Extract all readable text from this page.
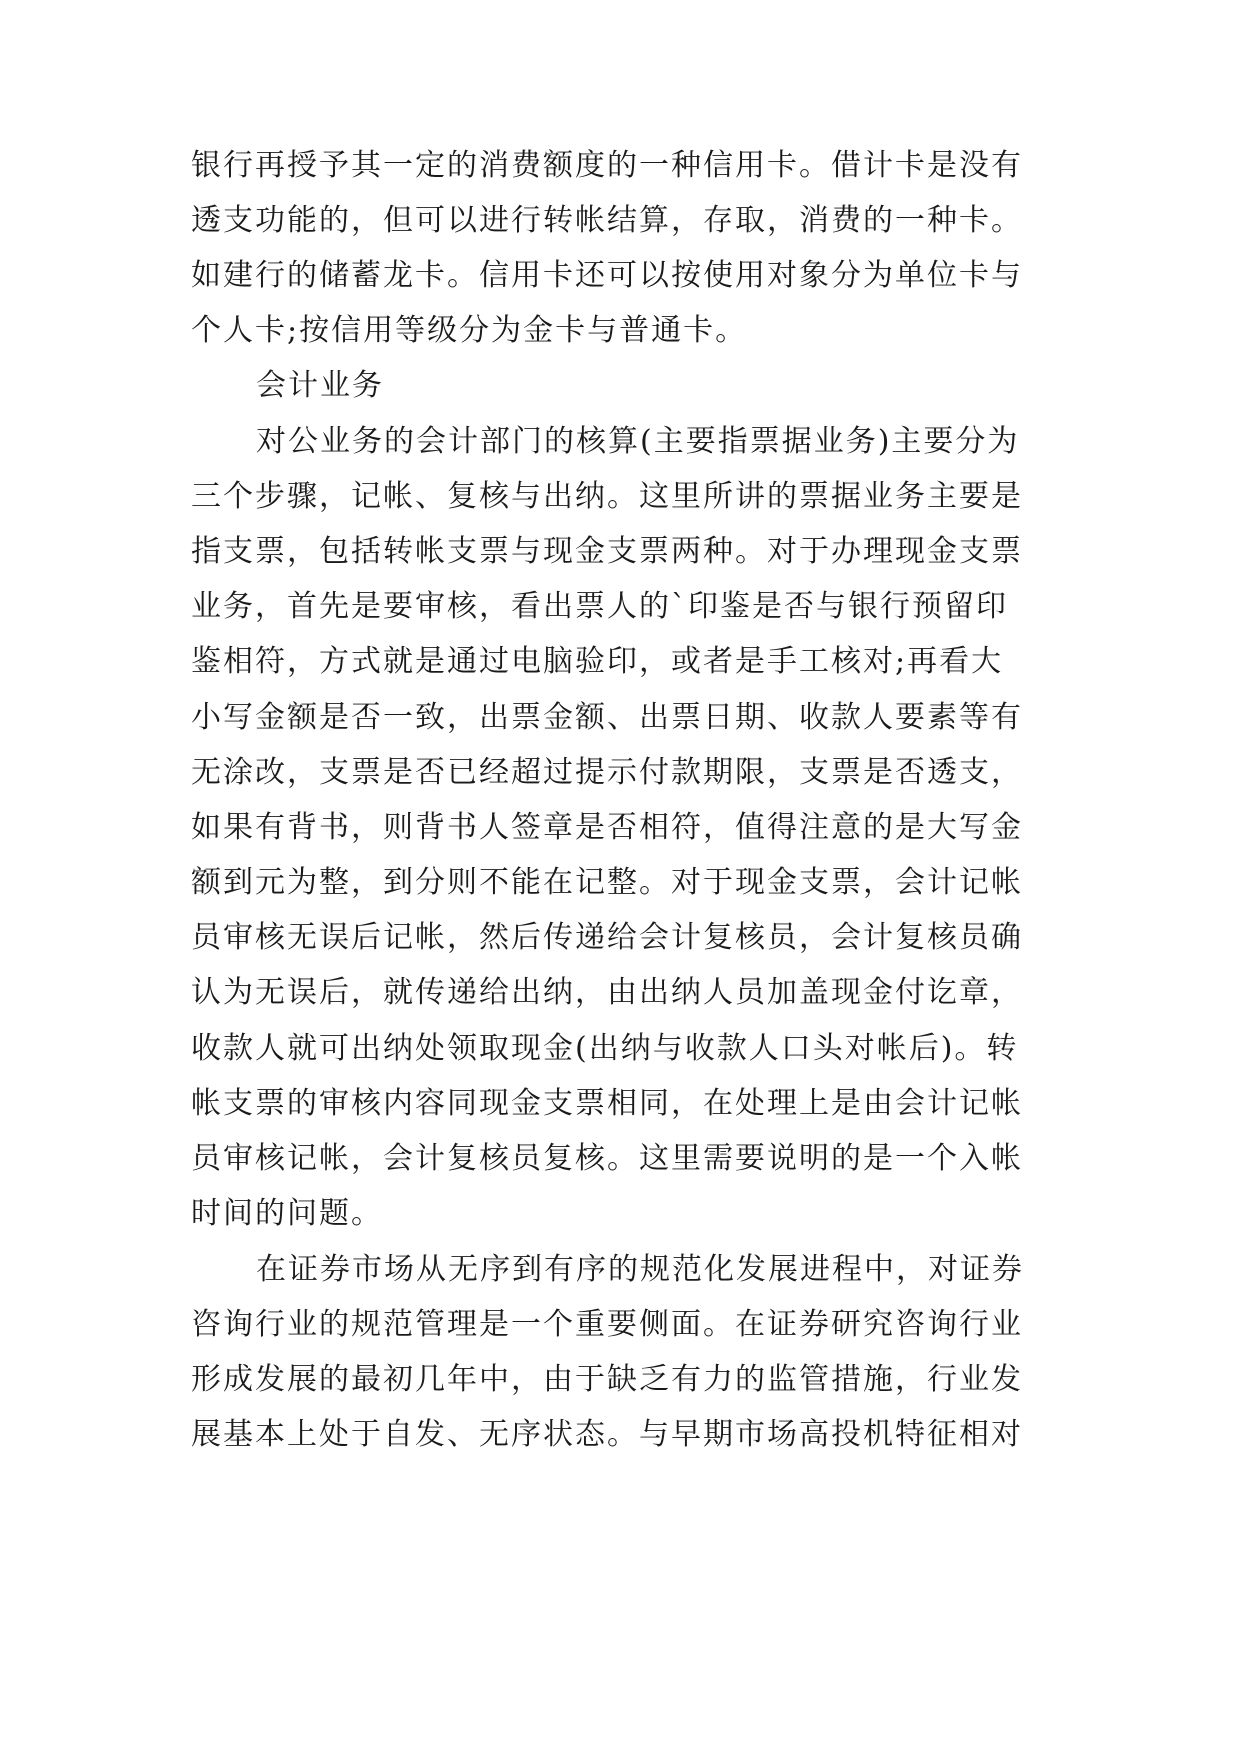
银行再授予其一定的消费额度的一种信用卡。借计卡是没有
透支功能的，但可以进行转帐结算，存取，消费的一种卡。
如建行的储蓄龙卡。信用卡还可以按使用对象分为单位卡与
个人卡;按信用等级分为金卡与普通卡。
会计业务
对公业务的会计部门的核算(主要指票据业务)主要分为
三个步骤，记帐、复核与出纳。这里所讲的票据业务主要是
指支票，包括转帐支票与现金支票两种。对于办理现金支票
业务，首先是要审核，看出票人的`印鉴是否与银行预留印
鉴相符，方式就是通过电脑验印，或者是手工核对;再看大
小写金额是否一致，出票金额、出票日期、收款人要素等有
无涂改，支票是否已经超过提示付款期限，支票是否透支，
如果有背书，则背书人签章是否相符，值得注意的是大写金
额到元为整，到分则不能在记整。对于现金支票，会计记帐
员审核无误后记帐，然后传递给会计复核员，会计复核员确
认为无误后，就传递给出纳，由出纳人员加盖现金付讫章，
收款人就可出纳处领取现金(出纳与收款人口头对帐后)。转
帐支票的审核内容同现金支票相同，在处理上是由会计记帐
员审核记帐，会计复核员复核。这里需要说明的是一个入帐
时间的问题。
在证券市场从无序到有序的规范化发展进程中，对证券
咨询行业的规范管理是一个重要侧面。在证券研究咨询行业
形成发展的最初几年中，由于缺乏有力的监管措施，行业发
展基本上处于自发、无序状态。与早期市场高投机特征相对
